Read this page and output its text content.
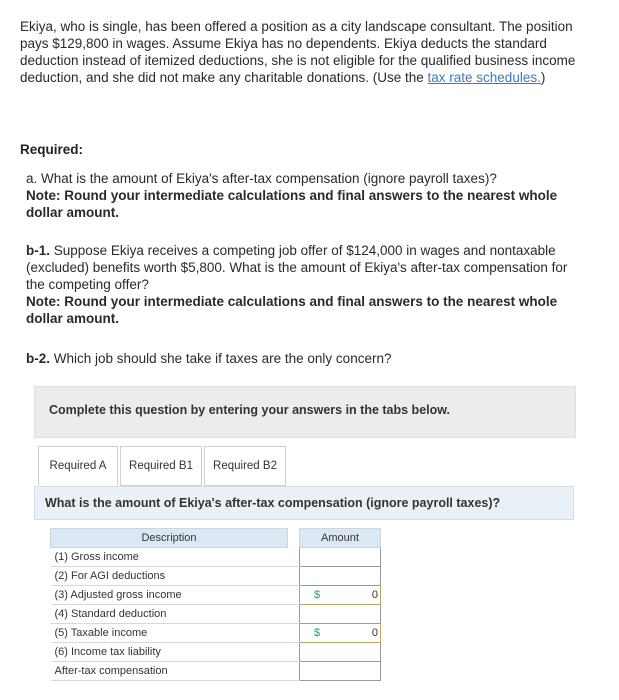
Ekiya, who is single, has been offered a position as a city landscape consultant. The position pays $129,800 in wages. Assume Ekiya has no dependents. Ekiya deducts the standard deduction instead of itemized deductions, she is not eligible for the qualified business income deduction, and she did not make any charitable donations. (Use the tax rate schedules.)
Required:
a. What is the amount of Ekiya's after-tax compensation (ignore payroll taxes)?
Note: Round your intermediate calculations and final answers to the nearest whole dollar amount.
b-1. Suppose Ekiya receives a competing job offer of $124,000 in wages and nontaxable (excluded) benefits worth $5,800. What is the amount of Ekiya's after-tax compensation for the competing offer?
Note: Round your intermediate calculations and final answers to the nearest whole dollar amount.
b-2. Which job should she take if taxes are the only concern?
Complete this question by entering your answers in the tabs below.
Required A	Required B1	Required B2
What is the amount of Ekiya's after-tax compensation (ignore payroll taxes)?
Description		Amount
(1) Gross income		

(2) For AGI deductions		

(3) Adjusted gross income		$ 0

(4) Standard deduction		

(5) Taxable income		$ 0

(6) Income tax liability		

After-tax compensation		
